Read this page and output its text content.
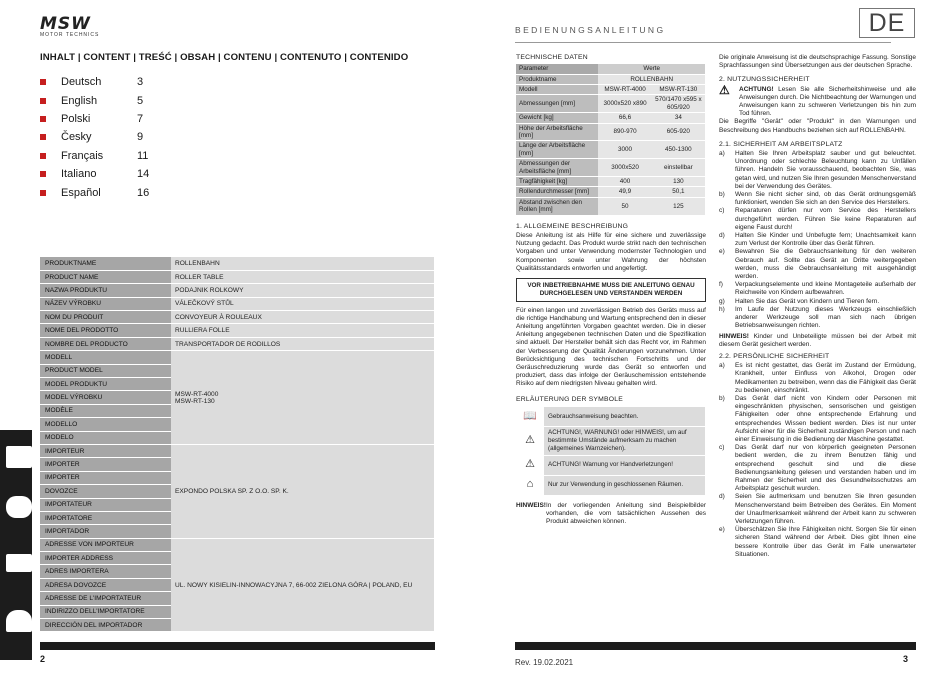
MSW
MOTOR TECHNICS
INHALT | CONTENT | TREŚĆ | OBSAH | CONTENU | CONTENUTO | CONTENIDO
Deutsch	3
English	5
Polski	7
Česky	9
Français	11
Italiano	14
Español	16
PRODUKTNAME	ROLLENBAHN
PRODUCT NAME	ROLLER TABLE
NAZWA PRODUKTU	PODAJNIK ROLKOWY
NÁZEV VÝROBKU	VÁLEČKOVÝ STŮL
NOM DU PRODUIT	CONVOYEUR À ROULEAUX
NOME DEL PRODOTTO	RULLIERA FOLLE
NOMBRE DEL PRODUCTO	TRANSPORTADOR DE RODILLOS
MODELL	MSW-RT-4000
MSW-RT-130

PRODUCT MODEL	
MODEL PRODUKTU	
MODEL VÝROBKU	
MODÈLE	
MODELLO	
MODELO	
IMPORTEUR	EXPONDO POLSKA SP. Z O.O. SP. K.
IMPORTER	
IMPORTER	
DOVOZCE	
IMPORTATEUR	
IMPORTATORE	
IMPORTADOR	
ADRESSE VON IMPORTEUR	UL. NOWY KISIELIN-INNOWACYJNA 7, 66-002 ZIELONA GÓRA | POLAND, EU
IMPORTER ADDRESS	
ADRES IMPORTERA	
ADRESA DOVOZCE	
ADRESSE DE L'IMPORTATEUR	
INDIRIZZO DELL'IMPORTATORE	
DIRECCIÓN DEL IMPORTADOR	
2
BEDIENUNGSANLEITUNG	DE
TECHNISCHE DATEN
Parameter	Werte	
Produktname	ROLLENBAHN	
Modell	MSW-RT-4000	MSW-RT-130
Abmessungen [mm]	3000x520 x890	570/1470 x595 x 605/920
Gewicht [kg]	66,6	34
Höhe der Arbeitsfläche [mm]	890-970	605-920
Länge der Arbeitsfläche [mm]	3000	450-1300
Abmessungen der Arbeitsfläche [mm]	3000x520	einstellbar
Tragfähigkeit [kg]	400	130
Rollendurchmesser [mm]	49,9	50,1
Abstand zwischen den Rollen [mm]	50	125
1. ALLGEMEINE BESCHREIBUNG
Diese Anleitung ist als Hilfe für eine sichere und zuverlässige Nutzung gedacht. Das Produkt wurde strikt nach den technischen Vorgaben und unter Verwendung modernster Technologien und Komponenten sowie unter Wahrung der höchsten Qualitätsstandards entworfen und angefertigt.
VOR INBETRIEBNAHME MUSS DIE ANLEITUNG GENAU DURCHGELESEN UND VERSTANDEN WERDEN
Für einen langen und zuverlässigen Betrieb des Geräts muss auf die richtige Handhabung und Wartung entsprechend den in dieser Anleitung angeführten Vorgaben geachtet werden. Die in dieser Anleitung angegebenen technischen Daten und die Spezifikation sind aktuell. Der Hersteller behält sich das Recht vor, im Rahmen der Verbesserung der Qualität Änderungen vorzunehmen. Unter Berücksichtigung des technischen Fortschritts und der Geräuschreduzierung wurde das Gerät so entworfen und produziert, dass das infolge der Geräuschemission entstehende Risiko auf dem niedrigsten Niveau gehalten wird.
ERLÄUTERUNG DER SYMBOLE
📖	Gebrauchsanweisung beachten.
⚠	ACHTUNG!, WARNUNG! oder HINWEIS!, um auf bestimmte Umstände aufmerksam zu machen (allgemeines Warnzeichen).
⚠	ACHTUNG! Warnung vor Handverletzungen!
⌂	Nur zur Verwendung in geschlossenen Räumen.
HINWEIS! In der vorliegenden Anleitung sind Beispielbilder vorhanden, die vom tatsächlichen Aussehen des Produkt abweichen können.
Die originale Anweisung ist die deutschsprachige Fassung. Sonstige Sprachfassungen sind Übersetzungen aus der deutschen Sprache.
2. NUTZUNGSSICHERHEIT
⚠	ACHTUNG! Lesen Sie alle Sicherheitshinweise und alle Anweisungen durch. Die Nichtbeachtung der Warnungen und Anweisungen kann zu schweren Verletzungen bis hin zum Tod führen.
Die Begriffe "Gerät" oder "Produkt" in den Warnungen und Beschreibung des Handbuchs beziehen sich auf ROLLENBAHN.
2.1. SICHERHEIT AM ARBEITSPLATZ
a)	Halten Sie Ihren Arbeitsplatz sauber und gut beleuchtet. Unordnung oder schlechte Beleuchtung kann zu Unfällen führen. Handeln Sie vorausschauend, beobachten Sie, was getan wird, und nutzen Sie Ihren gesunden Menschenverstand bei der Verwendung des Gerätes.
b)	Wenn Sie nicht sicher sind, ob das Gerät ordnungsgemäß funktioniert, wenden Sie sich an den Service des Herstellers.
c)	Reparaturen dürfen nur vom Service des Herstellers durchgeführt werden. Führen Sie keine Reparaturen auf eigene Faust durch!
d)	Halten Sie Kinder und Unbefugte fern; Unachtsamkeit kann zum Verlust der Kontrolle über das Gerät führen.
e)	Bewahren Sie die Gebrauchsanleitung für den weiteren Gebrauch auf. Sollte das Gerät an Dritte weitergegeben werden, muss die Gebrauchsanleitung mit ausgehändigt werden.
f)	Verpackungselemente und kleine Montageteile außerhalb der Reichweite von Kindern aufbewahren.
g)	Halten Sie das Gerät von Kindern und Tieren fern.
h)	Im Laufe der Nutzung dieses Werkzeugs einschließlich anderer Werkzeuge soll man sich nach übrigen Betriebsanweisungen richten.
HINWEIS! Kinder und Unbeteiligte müssen bei der Arbeit mit diesem Gerät gesichert werden.
2.2. PERSÖNLICHE SICHERHEIT
a)	Es ist nicht gestattet, das Gerät im Zustand der Ermüdung, Krankheit, unter Einfluss von Alkohol, Drogen oder Medikamenten zu betreiben, wenn das die Fähigkeit das Gerät zu bedienen, einschränkt.
b)	Das Gerät darf nicht von Kindern oder Personen mit eingeschränkten physischen, sensorischen und geistigen Fähigkeiten oder ohne entsprechende Erfahrung und entsprechendes Wissen bedient werden. Dies ist nur unter Aufsicht einer für die Sicherheit zuständigen Person und nach einer Einweisung in die Bedienung der Maschine gestattet.
c)	Das Gerät darf nur von körperlich geeigneten Personen bedient werden, die zu ihrem Benutzen fähig und entsprechend geschult sind und die diese Bedienungsanleitung gelesen und verstanden haben und im Rahmen der Sicherheit und des Gesundheitsschutzes am Arbeitsplatz geschult wurden.
d)	Seien Sie aufmerksam und benutzen Sie Ihren gesunden Menschenverstand beim Betreiben des Gerätes. Ein Moment der Unaufmerksamkeit während der Arbeit kann zu schweren Verletzungen führen.
e)	Überschätzen Sie Ihre Fähigkeiten nicht. Sorgen Sie für einen sicheren Stand während der Arbeit. Dies gibt Ihnen eine bessere Kontrolle über das Gerät im Falle unerwarteter Situationen.
Rev. 19.02.2021	3
